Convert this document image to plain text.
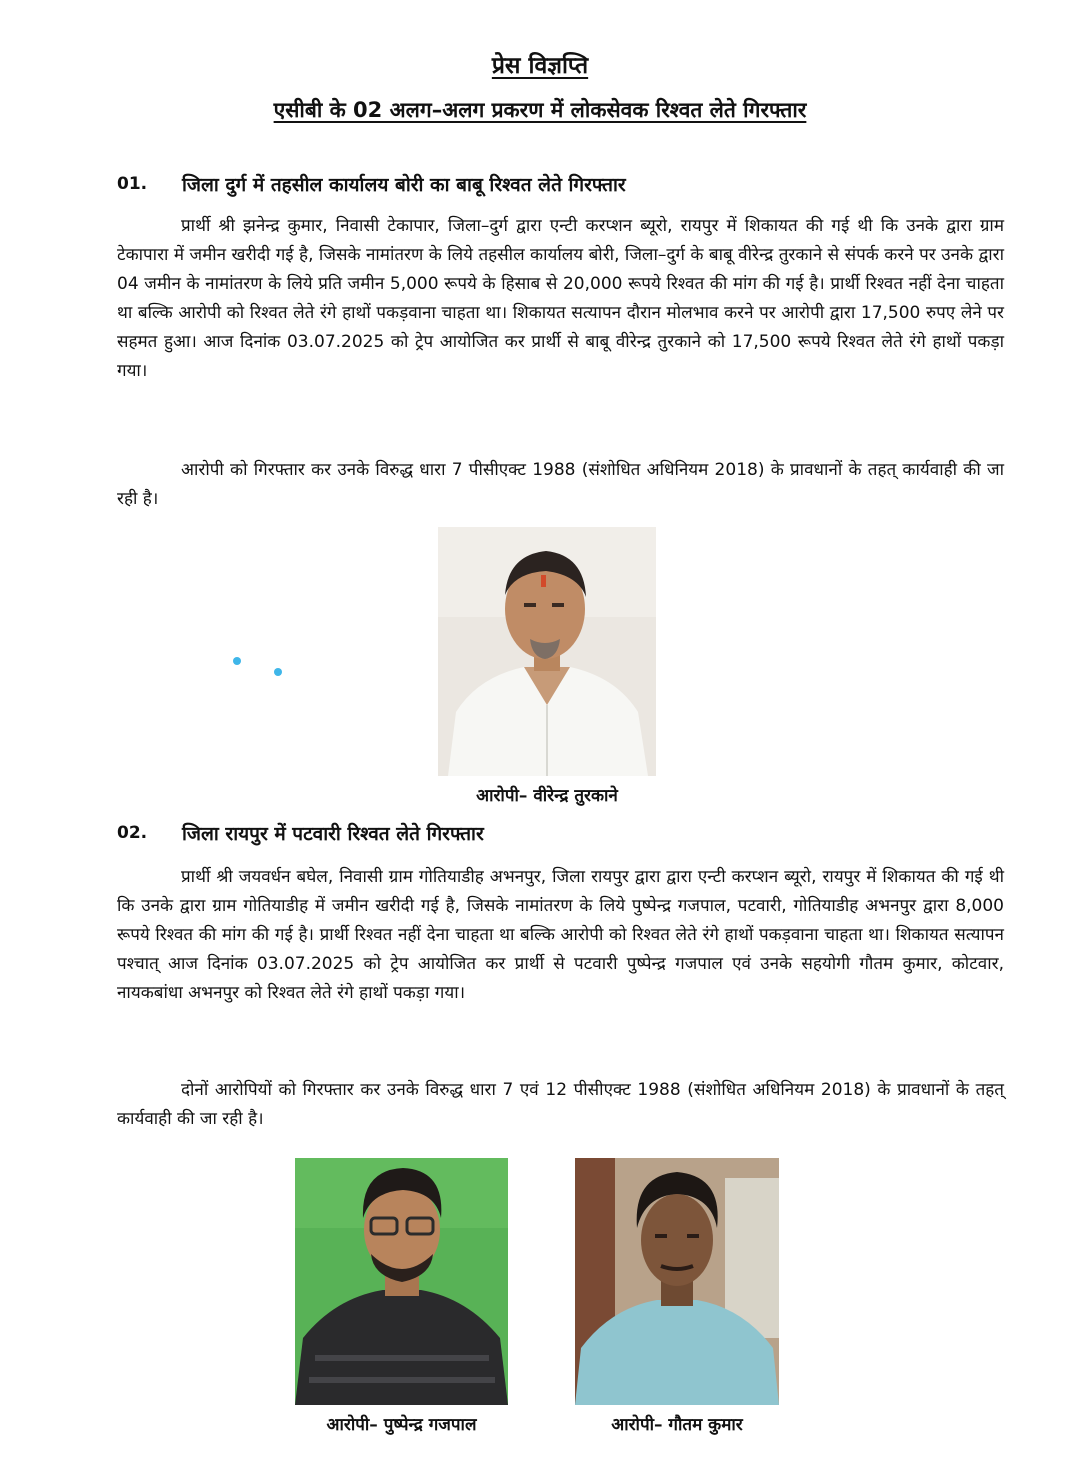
प्रेस विज्ञप्ति
एसीबी के 02 अलग–अलग प्रकरण में लोकसेवक रिश्वत लेते गिरफ्तार
01. जिला दुर्ग में तहसील कार्यालय बोरी का बाबू रिश्वत लेते गिरफ्तार

प्रार्थी श्री झनेन्द्र कुमार, निवासी टेकापार, जिला–दुर्ग द्वारा एन्टी करप्शन ब्यूरो, रायपुर में शिकायत की गई थी कि उनके द्वारा ग्राम टेकापारा में जमीन खरीदी गई है, जिसके नामांतरण के लिये तहसील कार्यालय बोरी, जिला–दुर्ग के बाबू वीरेन्द्र तुरकाने से संपर्क करने पर उनके द्वारा 04 जमीन के नामांतरण के लिये प्रति जमीन 5,000 रूपये के हिसाब से 20,000 रूपये रिश्वत की मांग की गई है। प्रार्थी रिश्वत नहीं देना चाहता था बल्कि आरोपी को रिश्वत लेते रंगे हाथों पकड़वाना चाहता था। शिकायत सत्यापन दौरान मोलभाव करने पर आरोपी द्वारा 17,500 रुपए लेने पर सहमत हुआ। आज दिनांक 03.07.2025 को ट्रेप आयोजित कर प्रार्थी से बाबू वीरेन्द्र तुरकाने को 17,500 रूपये रिश्वत लेते रंगे हाथों पकड़ा गया।

आरोपी को गिरफ्तार कर उनके विरुद्ध धारा 7 पीसीएक्ट 1988 (संशोधित अधिनियम 2018) के प्रावधानों के तहत् कार्यवाही की जा रही है।

आरोपी– वीरेन्द्र तुरकाने
02. जिला रायपुर में पटवारी रिश्वत लेते गिरफ्तार

प्रार्थी श्री जयवर्धन बघेल, निवासी ग्राम गोतियाडीह अभनपुर, जिला रायपुर द्वारा द्वारा एन्टी करप्शन ब्यूरो, रायपुर में शिकायत की गई थी कि उनके द्वारा ग्राम गोतियाडीह में जमीन खरीदी गई है, जिसके नामांतरण के लिये पुष्पेन्द्र गजपाल, पटवारी, गोतियाडीह अभनपुर द्वारा 8,000 रूपये रिश्वत की मांग की गई है। प्रार्थी रिश्वत नहीं देना चाहता था बल्कि आरोपी को रिश्वत लेते रंगे हाथों पकड़वाना चाहता था। शिकायत सत्यापन पश्चात् आज दिनांक 03.07.2025 को ट्रेप आयोजित कर प्रार्थी से पटवारी पुष्पेन्द्र गजपाल एवं उनके सहयोगी गौतम कुमार, कोटवार, नायकबांधा अभनपुर को रिश्वत लेते रंगे हाथों पकड़ा गया।

दोनों आरोपियों को गिरफ्तार कर उनके विरुद्ध धारा 7 एवं 12 पीसीएक्ट 1988 (संशोधित अधिनियम 2018) के प्रावधानों के तहत् कार्यवाही की जा रही है।

आरोपी– पुष्पेन्द्र गजपाल	आरोपी– गौतम कुमार
